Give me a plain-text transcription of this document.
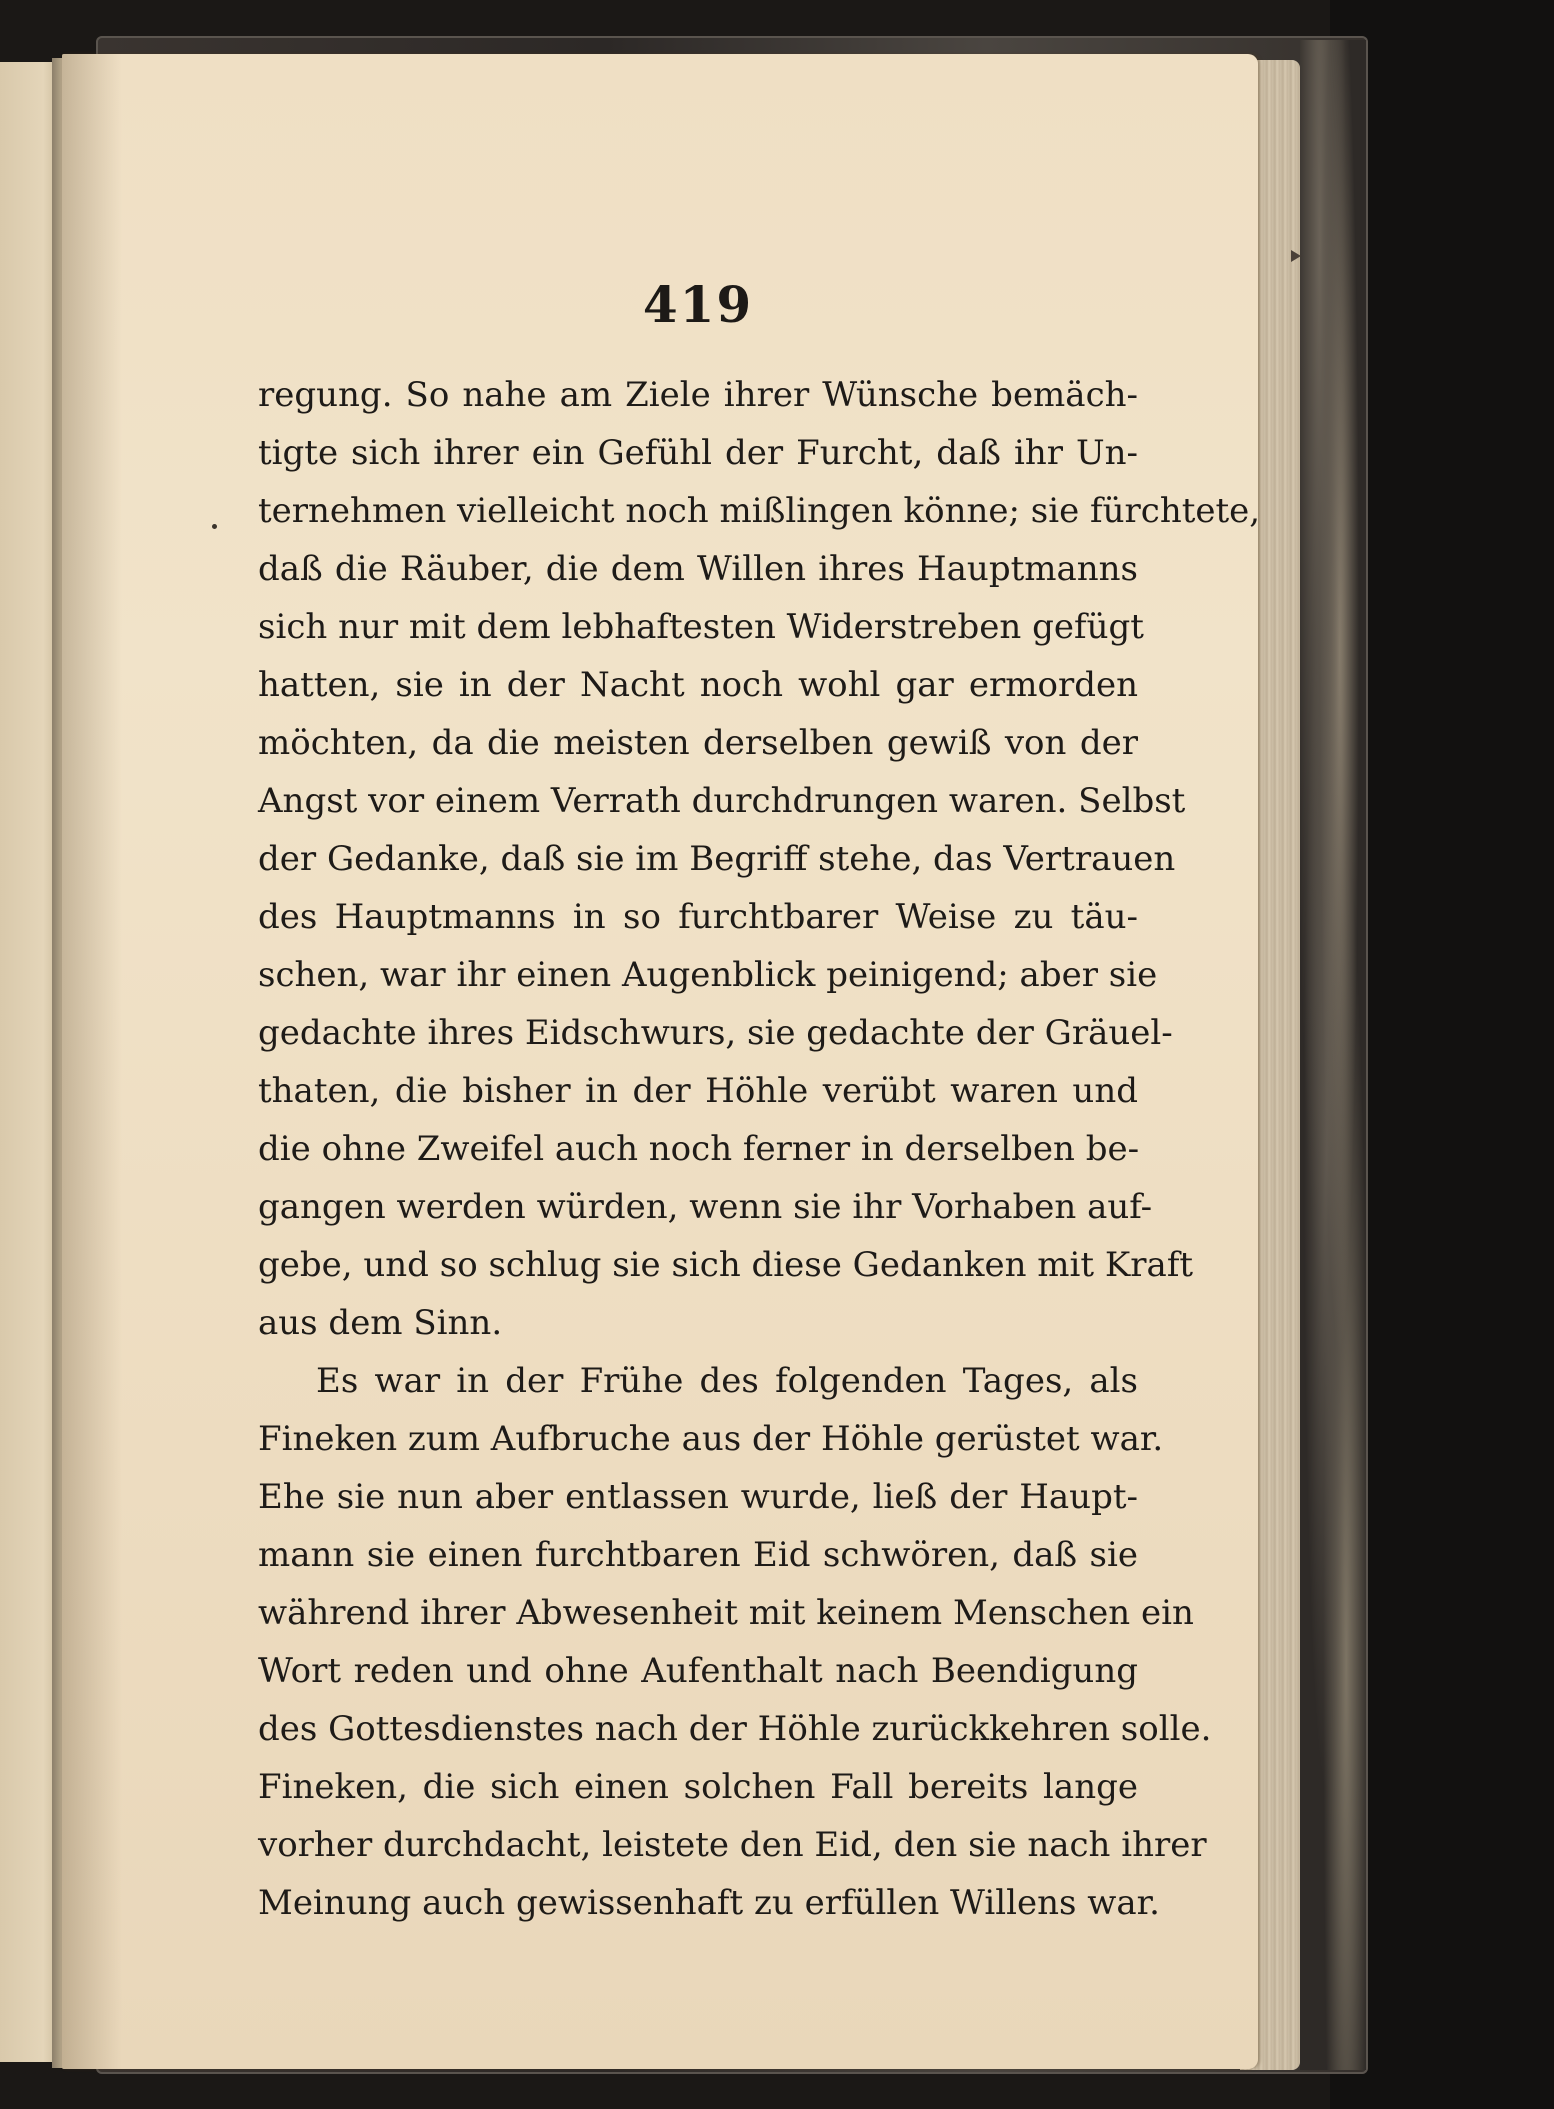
419
regung. So nahe am Ziele ihrer Wünsche bemäch-
tigte sich ihrer ein Gefühl der Furcht, daß ihr Un-
ternehmen vielleicht noch mißlingen könne; sie fürchtete,
daß die Räuber, die dem Willen ihres Hauptmanns
sich nur mit dem lebhaftesten Widerstreben gefügt
hatten, sie in der Nacht noch wohl gar ermorden
möchten, da die meisten derselben gewiß von der
Angst vor einem Verrath durchdrungen waren. Selbst
der Gedanke, daß sie im Begriff stehe, das Vertrauen
des Hauptmanns in so furchtbarer Weise zu täu-
schen, war ihr einen Augenblick peinigend; aber sie
gedachte ihres Eidschwurs, sie gedachte der Gräuel-
thaten, die bisher in der Höhle verübt waren und
die ohne Zweifel auch noch ferner in derselben be-
gangen werden würden, wenn sie ihr Vorhaben auf-
gebe, und so schlug sie sich diese Gedanken mit Kraft
aus dem Sinn.
Es war in der Frühe des folgenden Tages, als
Fineken zum Aufbruche aus der Höhle gerüstet war.
Ehe sie nun aber entlassen wurde, ließ der Haupt-
mann sie einen furchtbaren Eid schwören, daß sie
während ihrer Abwesenheit mit keinem Menschen ein
Wort reden und ohne Aufenthalt nach Beendigung
des Gottesdienstes nach der Höhle zurückkehren solle.
Fineken, die sich einen solchen Fall bereits lange
vorher durchdacht, leistete den Eid, den sie nach ihrer
Meinung auch gewissenhaft zu erfüllen Willens war.
